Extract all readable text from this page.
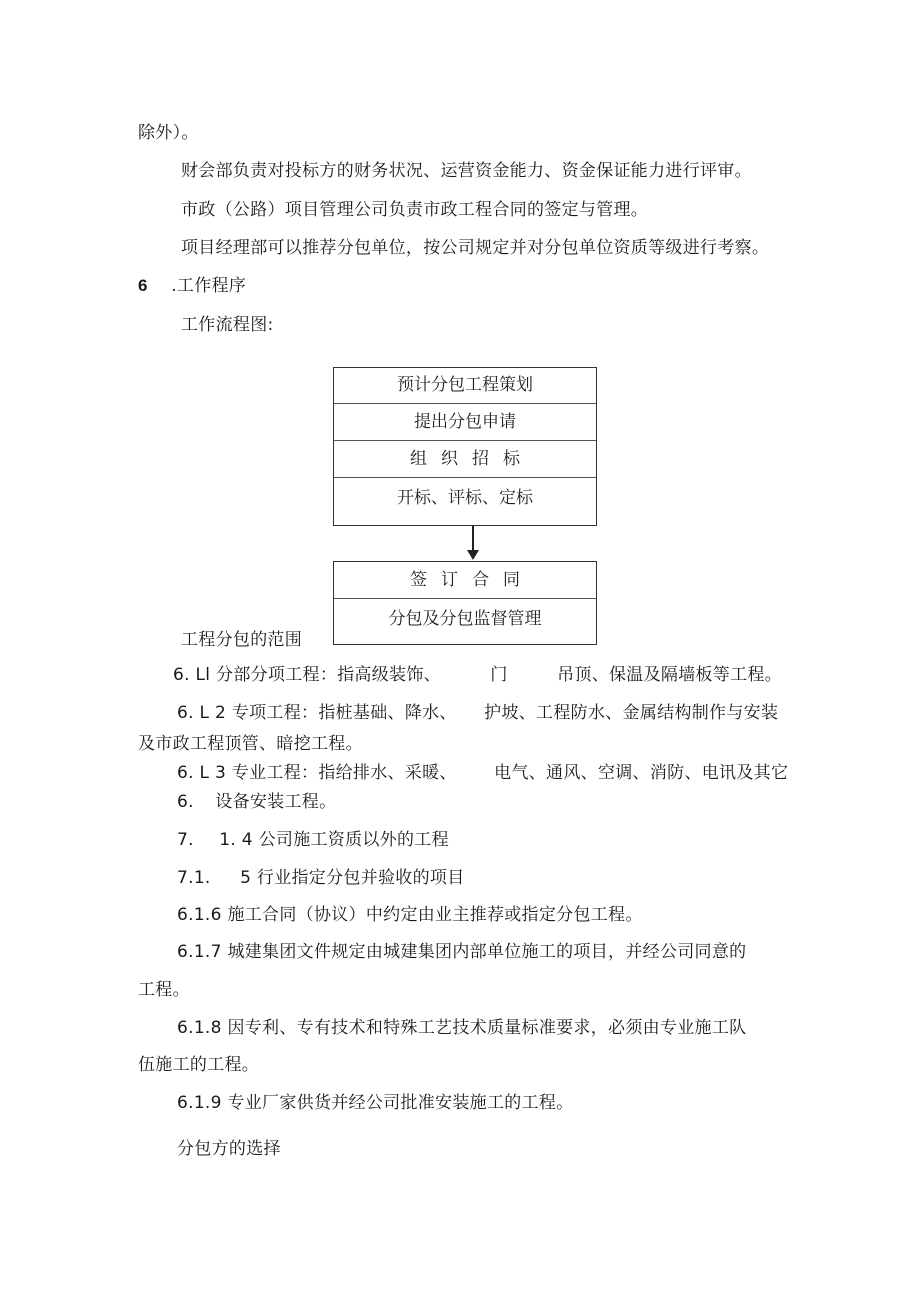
除外）。
财会部负责对投标方的财务状况、运营资金能力、资金保证能力进行评审。
市政（公路）项目管理公司负责市政工程合同的签定与管理。
项目经理部可以推荐分包单位，按公司规定并对分包单位资质等级进行考察。
6 .工作程序
工作流程图:
预计分包工程策划
提出分包申请
组织招标
开标、评标、定标
签订合同
分包及分包监督管理
工程分包的范围
6. Ll 分部分项工程：指高级装饰、	门	吊顶、保温及隔墙板等工程。
6. L 2 专项工程：指桩基础、降水、 护坡、工程防水、金属结构制作与安装
及市政工程顶管、暗挖工程。
6. L 3 专业工程：指给排水、采暖、 电气、通风、空调、消防、电讯及其它
6. 设备安装工程。
7. 1. 4 公司施工资质以外的工程
7.1. 5 行业指定分包并验收的项目
6.1.6 施工合同（协议）中约定由业主推荐或指定分包工程。
6.1.7 城建集团文件规定由城建集团内部单位施工的项目，并经公司同意的
工程。
6.1.8 因专利、专有技术和特殊工艺技术质量标准要求，必须由专业施工队
伍施工的工程。
6.1.9 专业厂家供货并经公司批准安装施工的工程。
分包方的选择
